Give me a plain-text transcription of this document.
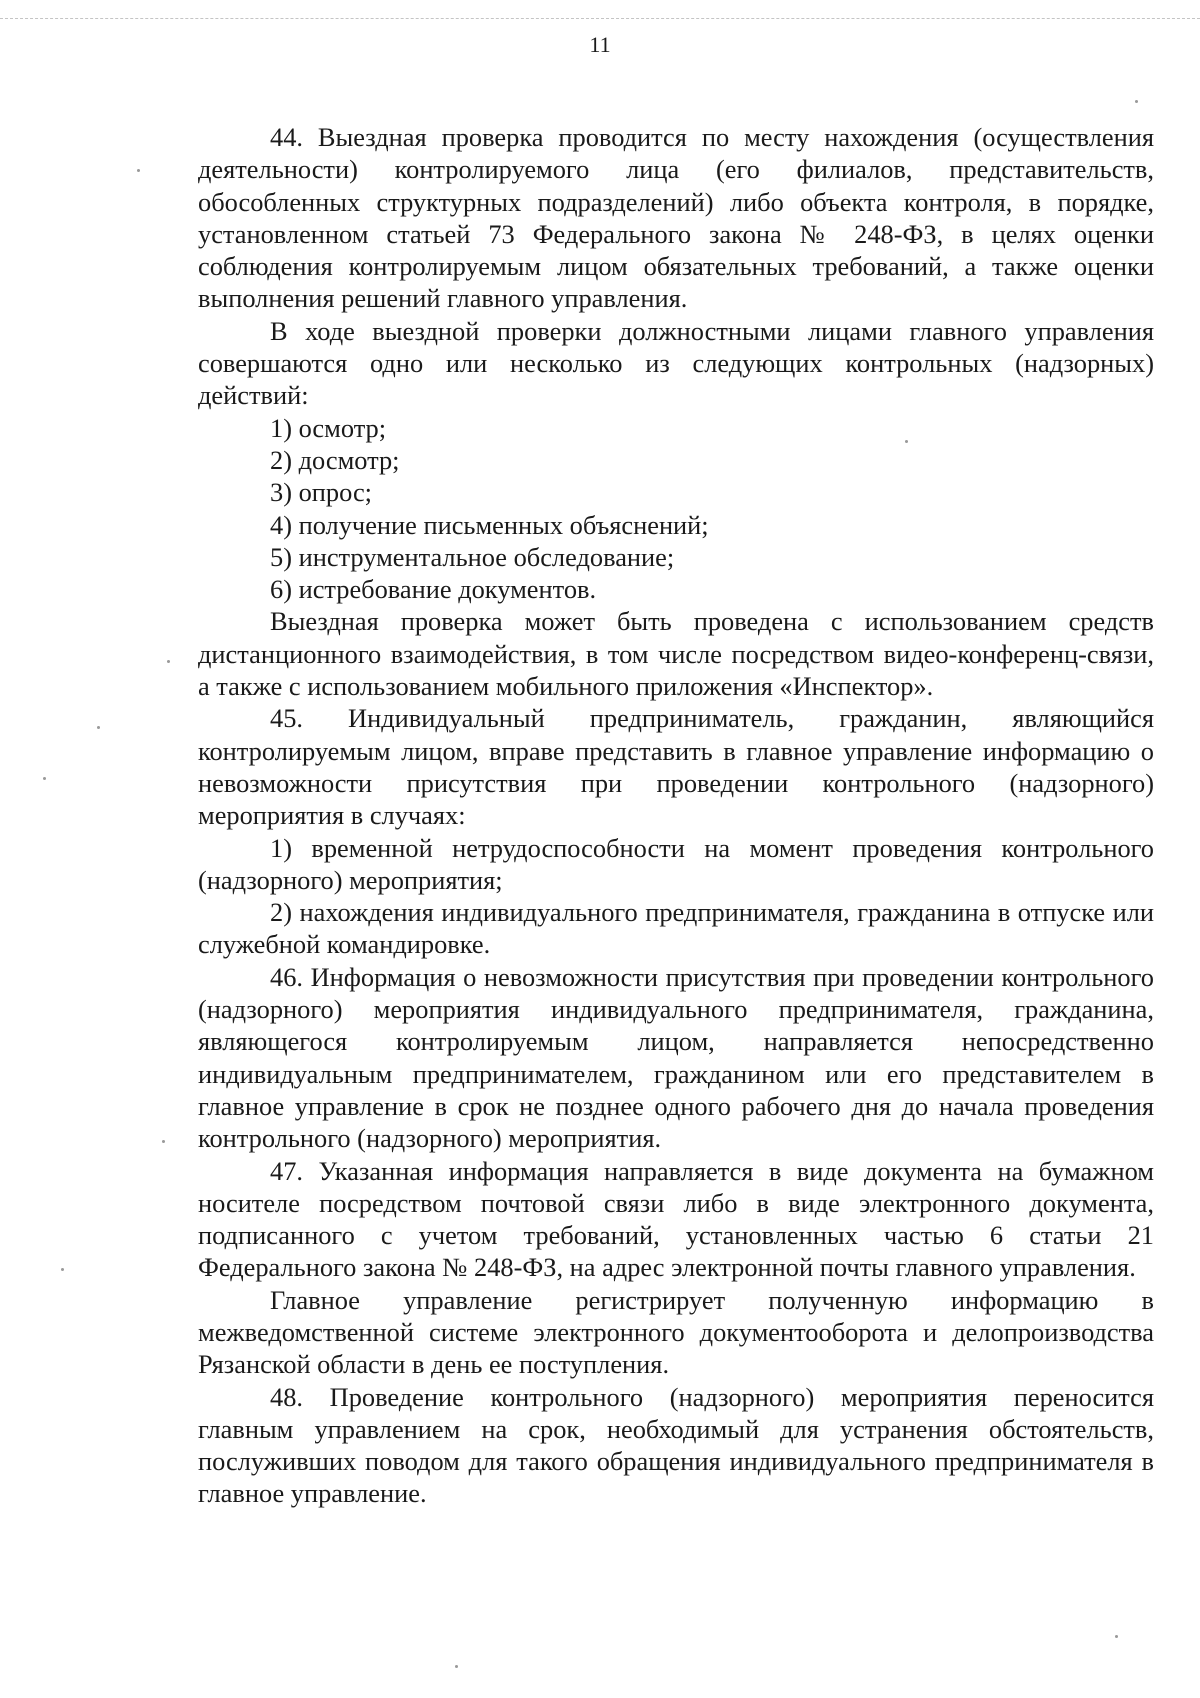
11

44. Выездная проверка проводится по месту нахождения (осуществления деятельности) контролируемого лица (его филиалов, представительств, обособленных структурных подразделений) либо объекта контроля, в порядке, установленном статьей 73 Федерального закона № 248-ФЗ, в целях оценки соблюдения контролируемым лицом обязательных требований, а также оценки выполнения решений главного управления.

В ходе выездной проверки должностными лицами главного управления совершаются одно или несколько из следующих контрольных (надзорных) действий:

1) осмотр;

2) досмотр;

3) опрос;

4) получение письменных объяснений;

5) инструментальное обследование;

6) истребование документов.

Выездная проверка может быть проведена с использованием средств дистанционного взаимодействия, в том числе посредством видео-конференц-связи, а также с использованием мобильного приложения «Инспектор».

45. Индивидуальный предприниматель, гражданин, являющийся контролируемым лицом, вправе представить в главное управление информацию о невозможности присутствия при проведении контрольного (надзорного) мероприятия в случаях:

1) временной нетрудоспособности на момент проведения контрольного (надзорного) мероприятия;

2) нахождения индивидуального предпринимателя, гражданина в отпуске или служебной командировке.

46. Информация о невозможности присутствия при проведении контрольного (надзорного) мероприятия индивидуального предпринимателя, гражданина, являющегося контролируемым лицом, направляется непосредственно индивидуальным предпринимателем, гражданином или его представителем в главное управление в срок не позднее одного рабочего дня до начала проведения контрольного (надзорного) мероприятия.

47. Указанная информация направляется в виде документа на бумажном носителе посредством почтовой связи либо в виде электронного документа, подписанного с учетом требований, установленных частью 6 статьи 21 Федерального закона № 248-ФЗ, на адрес электронной почты главного управления.

Главное управление регистрирует полученную информацию в межведомственной системе электронного документооборота и делопроизводства Рязанской области в день ее поступления.

48. Проведение контрольного (надзорного) мероприятия переносится главным управлением на срок, необходимый для устранения обстоятельств, послуживших поводом для такого обращения индивидуального предпринимателя в главное управление.
